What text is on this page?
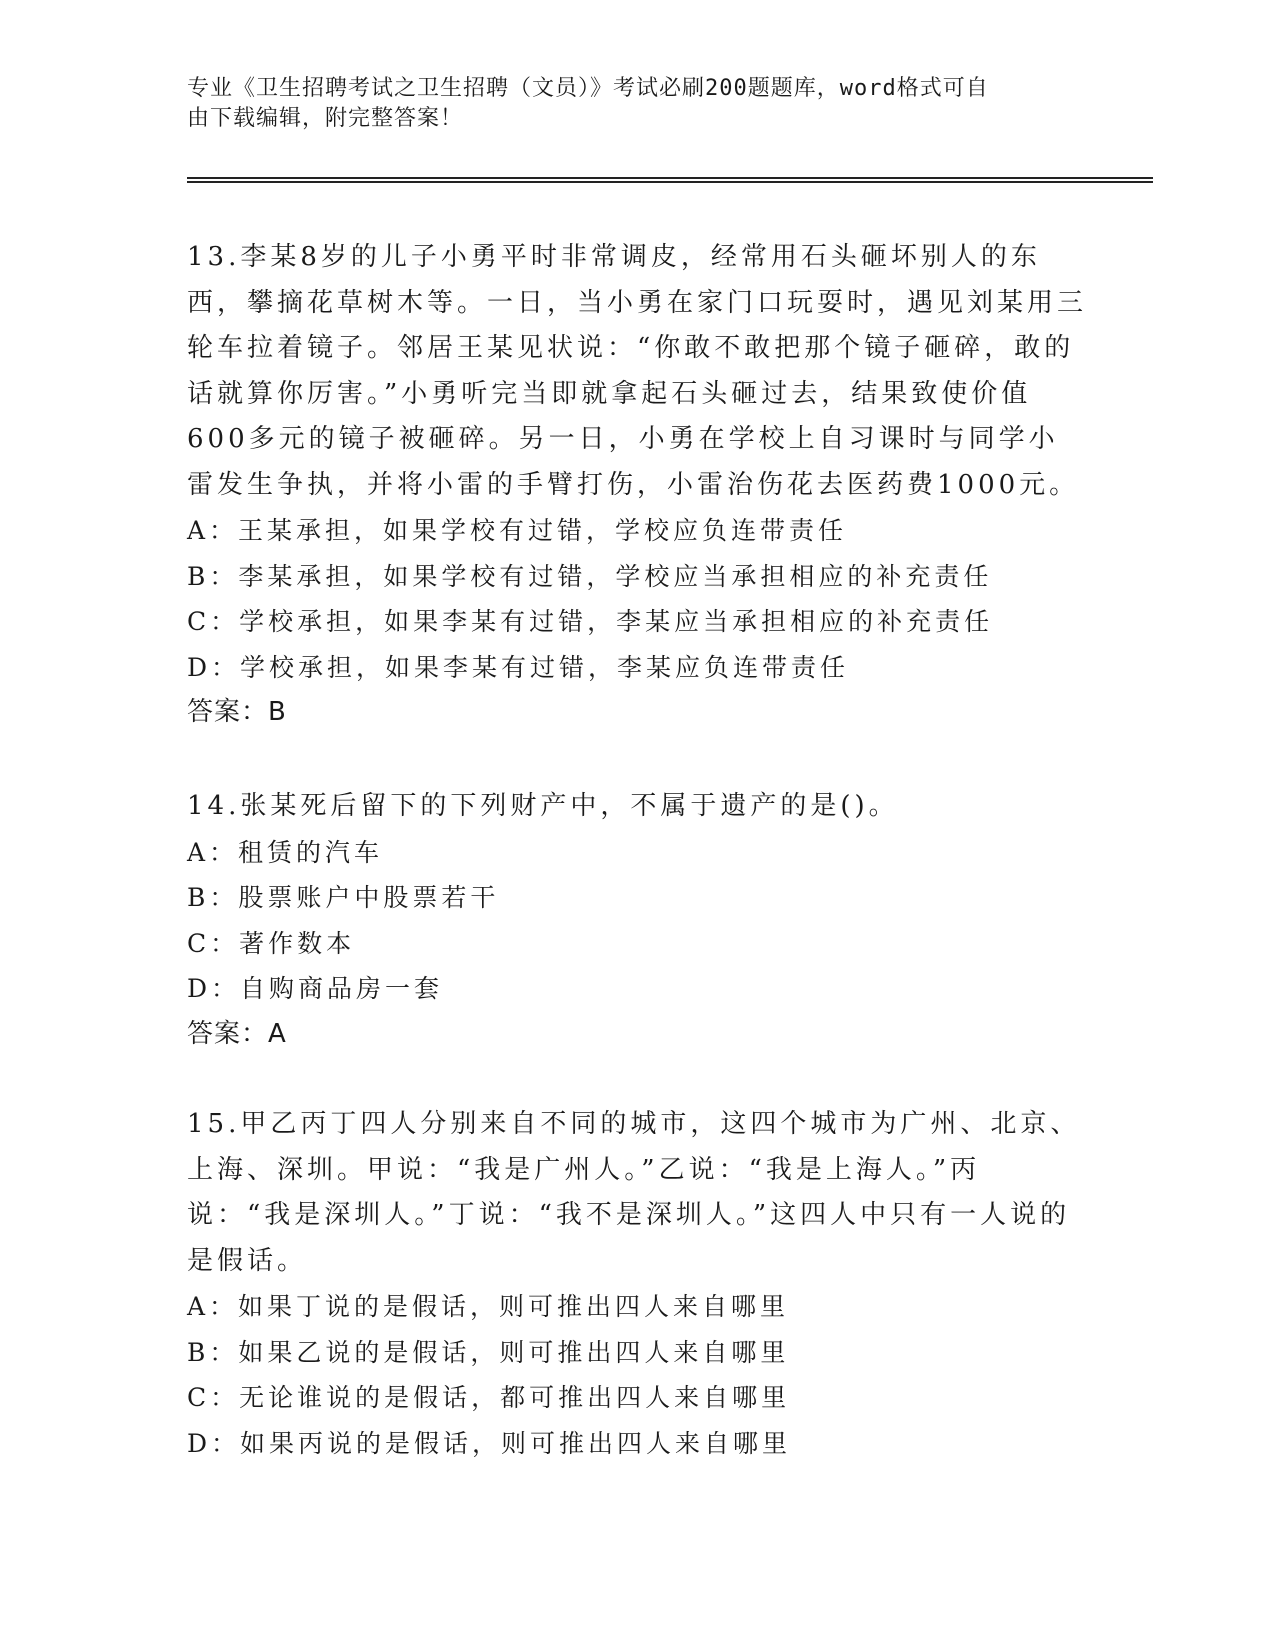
专业《卫生招聘考试之卫生招聘（文员）》考试必刷200题题库，word格式可自
由下载编辑，附完整答案！

13.李某8岁的儿子小勇平时非常调皮，经常用石头砸坏别人的东西，攀摘花草树木等。一日，当小勇在家门口玩耍时，遇见刘某用三轮车拉着镜子。邻居王某见状说：“你敢不敢把那个镜子砸碎，敢的话就算你厉害。”小勇听完当即就拿起石头砸过去，结果致使价值600多元的镜子被砸碎。另一日，小勇在学校上自习课时与同学小雷发生争执，并将小雷的手臂打伤，小雷治伤花去医药费1000元。

A：王某承担，如果学校有过错，学校应负连带责任

B：李某承担，如果学校有过错，学校应当承担相应的补充责任

C：学校承担，如果李某有过错，李某应当承担相应的补充责任

D：学校承担，如果李某有过错，李某应负连带责任

答案：B

14.张某死后留下的下列财产中，不属于遗产的是()。

A：租赁的汽车

B：股票账户中股票若干

C：著作数本

D：自购商品房一套

答案：A

15.甲乙丙丁四人分别来自不同的城市，这四个城市为广州、北京、上海、深圳。甲说：“我是广州人。”乙说：“我是上海人。”丙说：“我是深圳人。”丁说：“我不是深圳人。”这四人中只有一人说的是假话。

A：如果丁说的是假话，则可推出四人来自哪里

B：如果乙说的是假话，则可推出四人来自哪里

C：无论谁说的是假话，都可推出四人来自哪里

D：如果丙说的是假话，则可推出四人来自哪里
